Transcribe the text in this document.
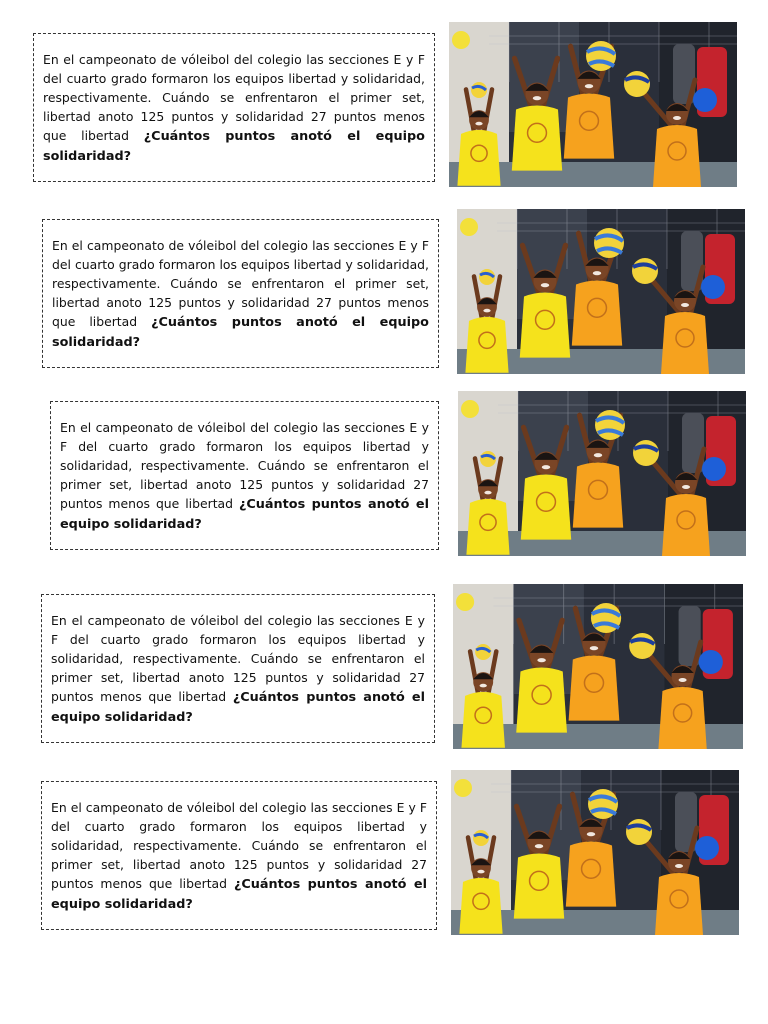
En el campeonato de vóleibol del colegio las secciones E y F del cuarto grado formaron los equipos libertad y solidaridad, respectivamente. Cuándo se enfrentaron el primer set, libertad anoto 125 puntos y solidaridad 27 puntos menos que libertad ¿Cuántos puntos anotó el equipo solidaridad?

En el campeonato de vóleibol del colegio las secciones E y F del cuarto grado formaron los equipos libertad y solidaridad, respectivamente. Cuándo se enfrentaron el primer set, libertad anoto 125 puntos y solidaridad 27 puntos menos que libertad ¿Cuántos puntos anotó el equipo solidaridad?

En el campeonato de vóleibol del colegio las secciones E y F del cuarto grado formaron los equipos libertad y solidaridad, respectivamente. Cuándo se enfrentaron el primer set, libertad anoto 125 puntos y solidaridad 27 puntos menos que libertad ¿Cuántos puntos anotó el equipo solidaridad?

En el campeonato de vóleibol del colegio las secciones E y F del cuarto grado formaron los equipos libertad y solidaridad, respectivamente. Cuándo se enfrentaron el primer set, libertad anoto 125 puntos y solidaridad 27 puntos menos que libertad ¿Cuántos puntos anotó el equipo solidaridad?

En el campeonato de vóleibol del colegio las secciones E y F del cuarto grado formaron los equipos libertad y solidaridad, respectivamente. Cuándo se enfrentaron el primer set, libertad anoto 125 puntos y solidaridad 27 puntos menos que libertad ¿Cuántos puntos anotó el equipo solidaridad?
